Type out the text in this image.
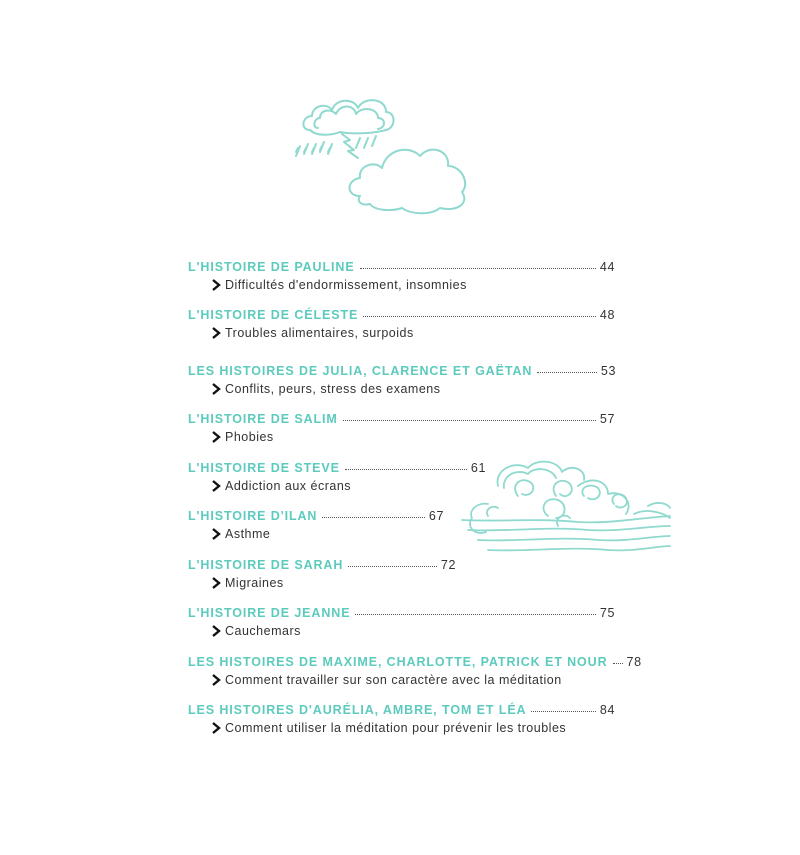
L'HISTOIRE DE PAULINE	44
Difficultés d'endormissement, insomnies
L'HISTOIRE DE CÉLESTE	48
Troubles alimentaires, surpoids
LES HISTOIRES DE JULIA, CLARENCE ET GAËTAN	53
Conflits, peurs, stress des examens
L'HISTOIRE DE SALIM	57
Phobies
L'HISTOIRE DE STEVE	61
Addiction aux écrans
L'HISTOIRE D'ILAN	67
Asthme
L'HISTOIRE DE SARAH	72
Migraines
L'HISTOIRE DE JEANNE	75
Cauchemars
LES HISTOIRES DE MAXIME, CHARLOTTE, PATRICK ET NOUR 78
Comment travailler sur son caractère avec la méditation
LES HISTOIRES D'AURÉLIA, AMBRE, TOM ET LÉA	84
Comment utiliser la méditation pour prévenir les troubles
